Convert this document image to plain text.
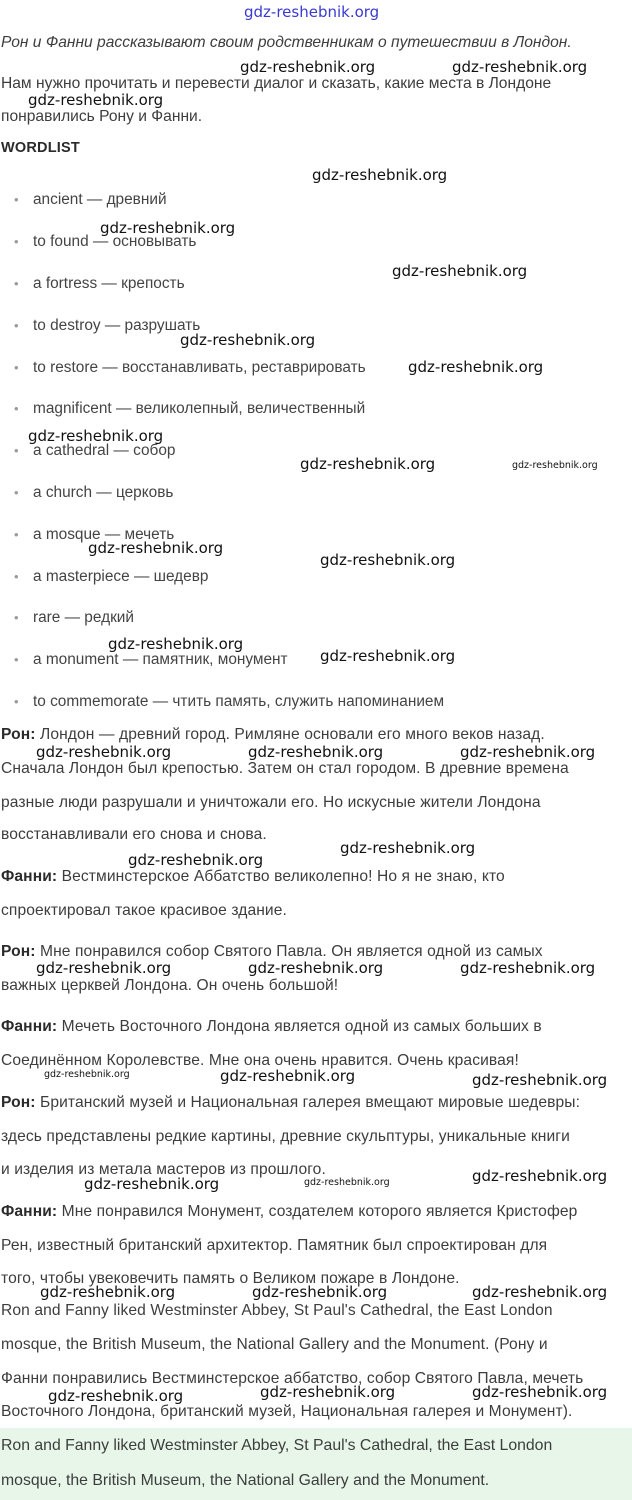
Рон и Фанни рассказывают своим родственникам о путешествии в Лондон.
Нам нужно прочитать и перевести диалог и сказать, какие места в Лондоне
понравились Рону и Фанни.
WORDLIST
• ancient — древний
• to found — основывать
• a fortress — крепость
• to destroy — разрушать
• to restore — восстанавливать, реставрировать
• magnificent — великолепный, величественный
• a cathedral — собор
• a church — церковь
• a mosque — мечеть
• a masterpiece — шедевр
• rare — редкий
• a monument — памятник, монумент
• to commemorate — чтить память, служить напоминанием
Рон: Лондон — древний город. Римляне основали его много веков назад.
Сначала Лондон был крепостью. Затем он стал городом. В древние времена
разные люди разрушали и уничтожали его. Но искусные жители Лондона
восстанавливали его снова и снова.
Фанни: Вестминстерское Аббатство великолепно! Но я не знаю, кто
спроектировал такое красивое здание.
Рон: Мне понравился собор Святого Павла. Он является одной из самых
важных церквей Лондона. Он очень большой!
Фанни: Мечеть Восточного Лондона является одной из самых больших в
Соединённом Королевстве. Мне она очень нравится. Очень красивая!
Рон: Британский музей и Национальная галерея вмещают мировые шедевры:
здесь представлены редкие картины, древние скульптуры, уникальные книги
и изделия из метала мастеров из прошлого.
Фанни: Мне понравился Монумент, создателем которого является Кристофер
Рен, известный британский архитектор. Памятник был спроектирован для
того, чтобы увековечить память о Великом пожаре в Лондоне.
Ron and Fanny liked Westminster Abbey, St Paul's Cathedral, the East London
mosque, the British Museum, the National Gallery and the Monument. (Рону и
Фанни понравились Вестминстерское аббатство, собор Святого Павла, мечеть
Восточного Лондона, британский музей, Национальная галерея и Монумент).
Ron and Fanny liked Westminster Abbey, St Paul's Cathedral, the East London
mosque, the British Museum, the National Gallery and the Monument.
gdz-reshebnik.org
gdz-reshebnik.org	gdz-reshebnik.org
gdz-reshebnik.org
gdz-reshebnik.org
gdz-reshebnik.org
gdz-reshebnik.org
gdz-reshebnik.org
gdz-reshebnik.org
gdz-reshebnik.org
gdz-reshebnik.org	gdz-reshebnik.org
gdz-reshebnik.org
gdz-reshebnik.org
gdz-reshebnik.org
gdz-reshebnik.org
gdz-reshebnik.org	gdz-reshebnik.org	gdz-reshebnik.org
gdz-reshebnik.org
gdz-reshebnik.org
gdz-reshebnik.org	gdz-reshebnik.org	gdz-reshebnik.org
gdz-reshebnik.org	gdz-reshebnik.org	gdz-reshebnik.org
gdz-reshebnik.org
gdz-reshebnik.org	gdz-reshebnik.org
gdz-reshebnik.org	gdz-reshebnik.org	gdz-reshebnik.org
gdz-reshebnik.org	gdz-reshebnik.org
gdz-reshebnik.org
